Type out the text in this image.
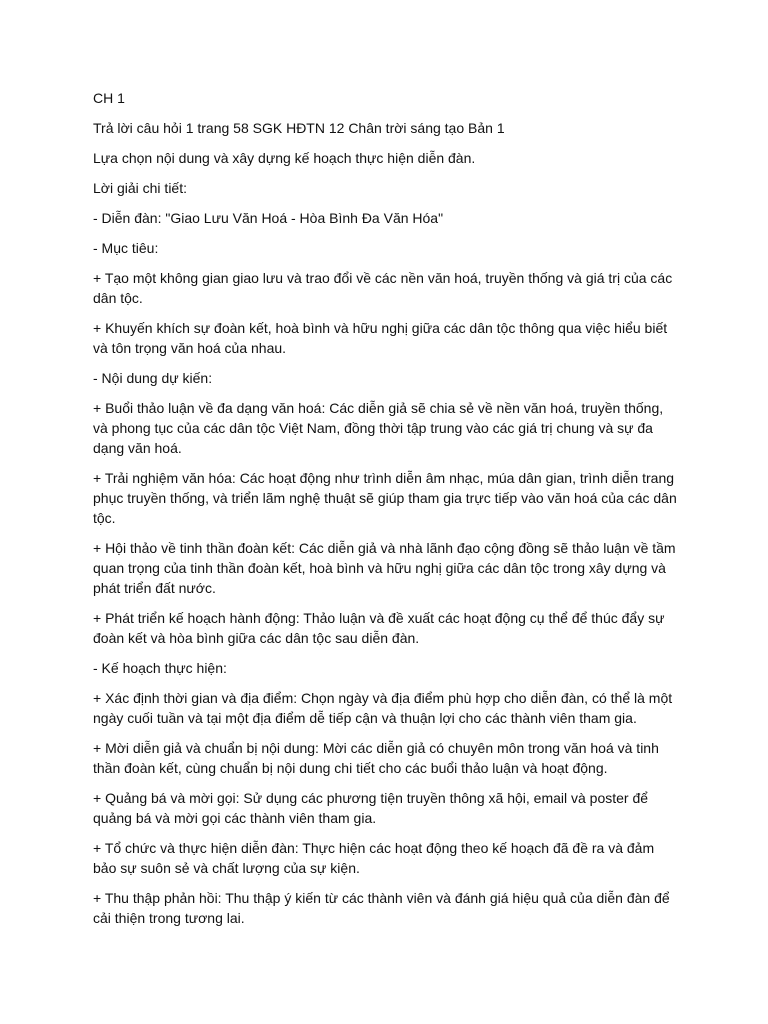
CH 1

Trả lời câu hỏi 1 trang 58 SGK HĐTN 12 Chân trời sáng tạo Bản 1

Lựa chọn nội dung và xây dựng kế hoạch thực hiện diễn đàn.

Lời giải chi tiết:

- Diễn đàn: "Giao Lưu Văn Hoá - Hòa Bình Đa Văn Hóa"

- Mục tiêu:

+ Tạo một không gian giao lưu và trao đổi về các nền văn hoá, truyền thống và giá trị của các dân tộc.

+ Khuyến khích sự đoàn kết, hoà bình và hữu nghị giữa các dân tộc thông qua việc hiểu biết và tôn trọng văn hoá của nhau.

- Nội dung dự kiến:

+ Buổi thảo luận về đa dạng văn hoá: Các diễn giả sẽ chia sẻ về nền văn hoá, truyền thống, và phong tục của các dân tộc Việt Nam, đồng thời tập trung vào các giá trị chung và sự đa dạng văn hoá.

+ Trải nghiệm văn hóa: Các hoạt động như trình diễn âm nhạc, múa dân gian, trình diễn trang phục truyền thống, và triển lãm nghệ thuật sẽ giúp tham gia trực tiếp vào văn hoá của các dân tộc.

+ Hội thảo về tinh thần đoàn kết: Các diễn giả và nhà lãnh đạo cộng đồng sẽ thảo luận về tầm quan trọng của tinh thần đoàn kết, hoà bình và hữu nghị giữa các dân tộc trong xây dựng và phát triển đất nước.

+ Phát triển kế hoạch hành động: Thảo luận và đề xuất các hoạt động cụ thể để thúc đẩy sự đoàn kết và hòa bình giữa các dân tộc sau diễn đàn.

- Kế hoạch thực hiện:

+ Xác định thời gian và địa điểm: Chọn ngày và địa điểm phù hợp cho diễn đàn, có thể là một ngày cuối tuần và tại một địa điểm dễ tiếp cận và thuận lợi cho các thành viên tham gia.

+ Mời diễn giả và chuẩn bị nội dung: Mời các diễn giả có chuyên môn trong văn hoá và tinh thần đoàn kết, cùng chuẩn bị nội dung chi tiết cho các buổi thảo luận và hoạt động.

+ Quảng bá và mời gọi: Sử dụng các phương tiện truyền thông xã hội, email và poster để quảng bá và mời gọi các thành viên tham gia.

+ Tổ chức và thực hiện diễn đàn: Thực hiện các hoạt động theo kế hoạch đã đề ra và đảm bảo sự suôn sẻ và chất lượng của sự kiện.

+ Thu thập phản hồi: Thu thập ý kiến từ các thành viên và đánh giá hiệu quả của diễn đàn để cải thiện trong tương lai.
